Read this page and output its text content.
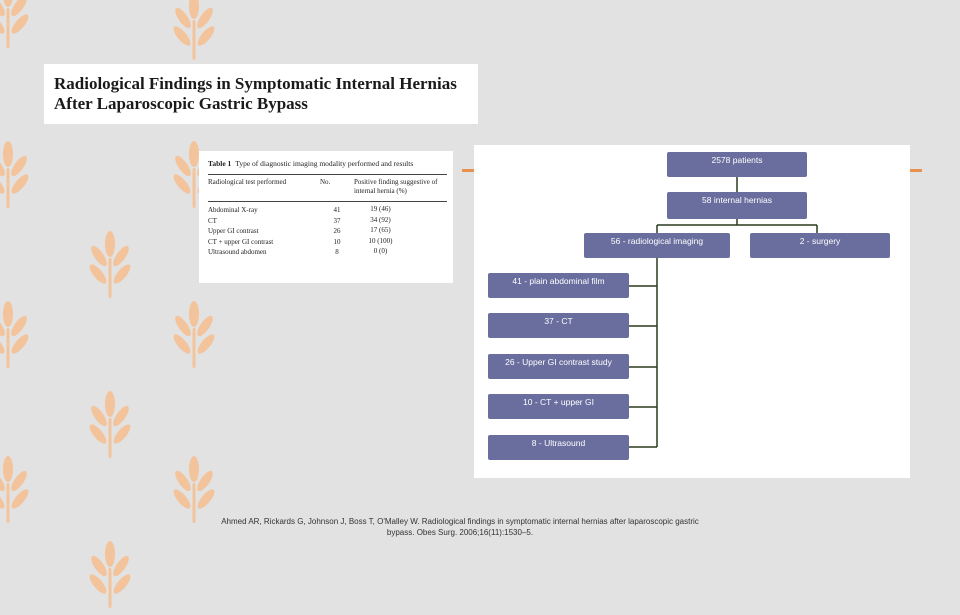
Radiological Findings in Symptomatic Internal Hernias
After Laparoscopic Gastric Bypass
Table 1 Type of diagnostic imaging modality performed and results
Radiological test performed	No.	Positive finding suggestive of internal hernia (%)
Abdominal X-ray	41	19 (46)
CT	37	34 (92)
Upper GI contrast	26	17 (65)
CT + upper GI contrast	10	10 (100)
Ultrasound abdomen	8	0 (0)
2578 patients
58 internal hernias
56 - radiological imaging	2 - surgery
41 - plain abdominal film
37 - CT
26 - Upper GI contrast study
10 - CT + upper GI
8 - Ultrasound
Ahmed AR, Rickards G, Johnson J, Boss T, O'Malley W. Radiological findings in symptomatic internal hernias after laparoscopic gastric
bypass. Obes Surg. 2006;16(11):1530–5.
